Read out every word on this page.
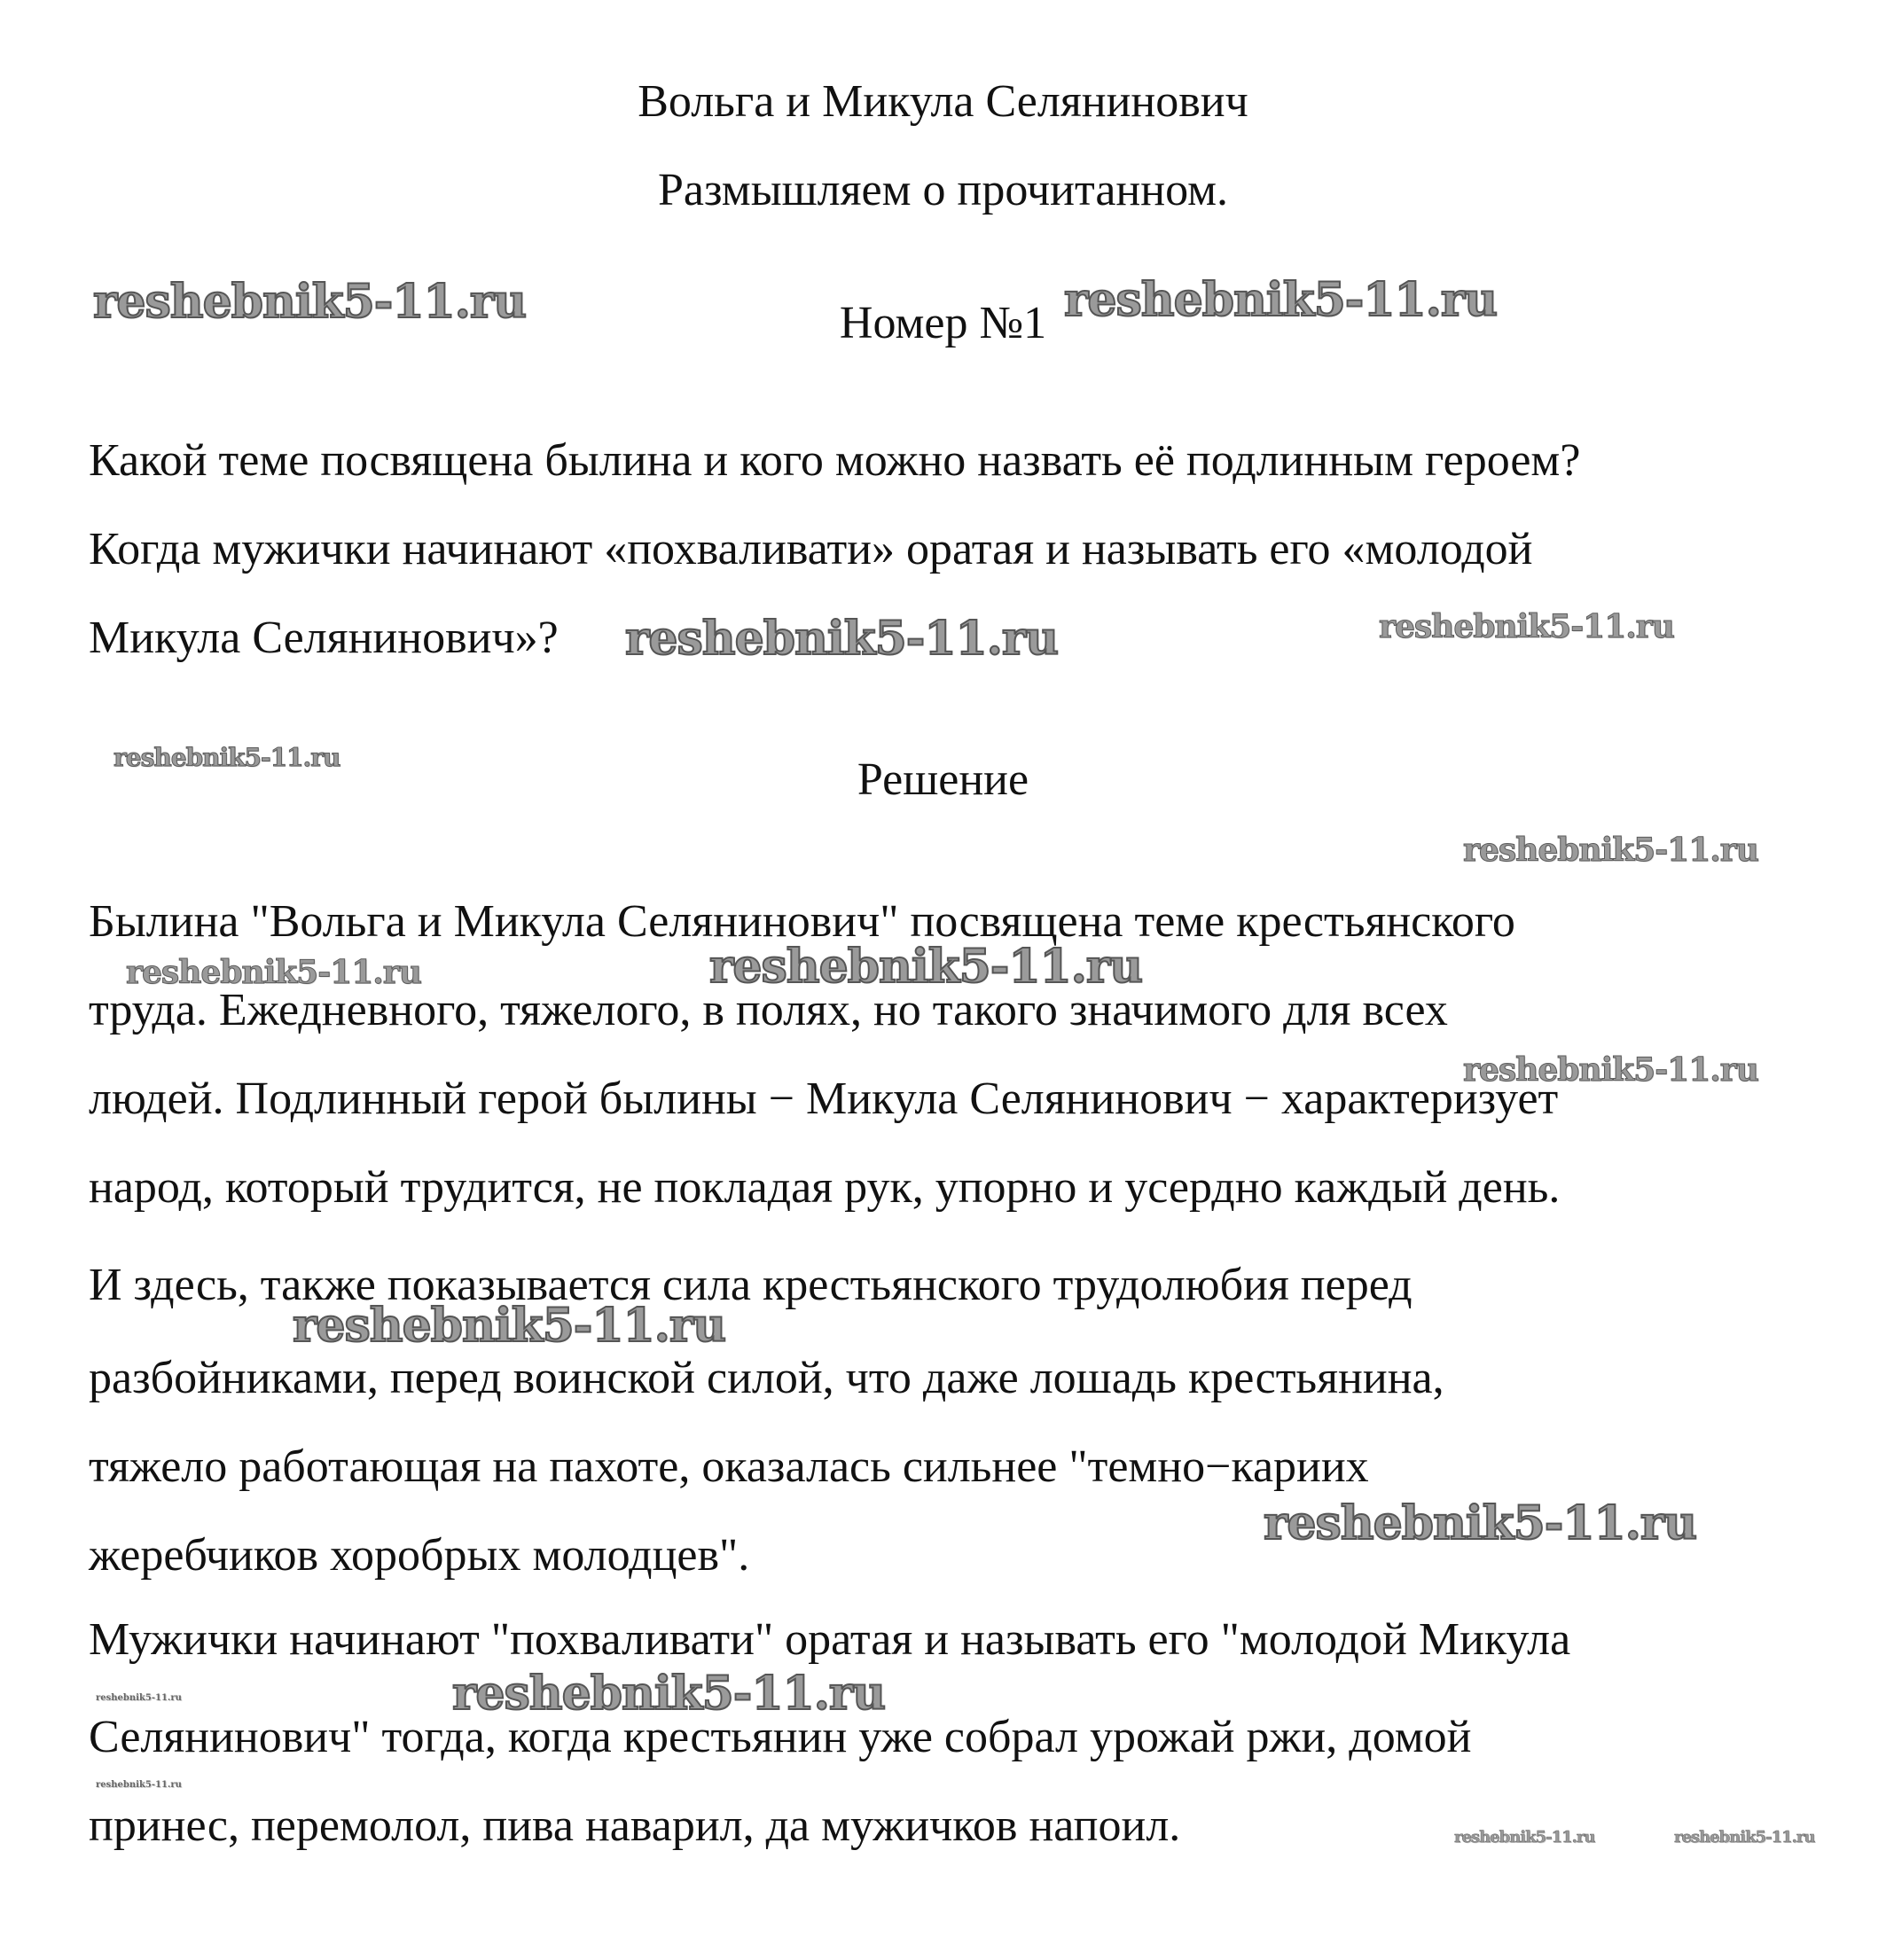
Вольга и Микула Селянинович
Размышляем о прочитанном.
Номер №1
Какой теме посвящена былина и кого можно назвать её подлинным героем?
Когда мужички начинают «похваливати» оратая и называть его «молодой
Микула Селянинович»?
Решение
Былина "Вольга и Микула Селянинович" посвящена теме крестьянского
труда. Ежедневного, тяжелого, в полях, но такого значимого для всех
людей. Подлинный герой былины − Микула Селянинович − характеризует
народ, который трудится, не покладая рук, упорно и усердно каждый день.
И здесь, также показывается сила крестьянского трудолюбия перед
разбойниками, перед воинской силой, что даже лошадь крестьянина,
тяжело работающая на пахоте, оказалась сильнее "темно−кариих
жеребчиков хоробрых молодцев".
Мужички начинают "похваливати" оратая и называть его "молодой Микула
Селянинович" тогда, когда крестьянин уже собрал урожай ржи, домой
принес, перемолол, пива наварил, да мужичков напоил.
reshebnik5-11.ru	reshebnik5-11.ru
reshebnik5-11.ru	reshebnik5-11.ru
reshebnik5-11.ru
reshebnik5-11.ru
reshebnik5-11.ru	reshebnik5-11.ru
reshebnik5-11.ru
reshebnik5-11.ru
reshebnik5-11.ru
reshebnik5-11.ru
reshebnik5-11.ru
reshebnik5-11.ru
reshebnik5-11.ru	reshebnik5-11.ru
